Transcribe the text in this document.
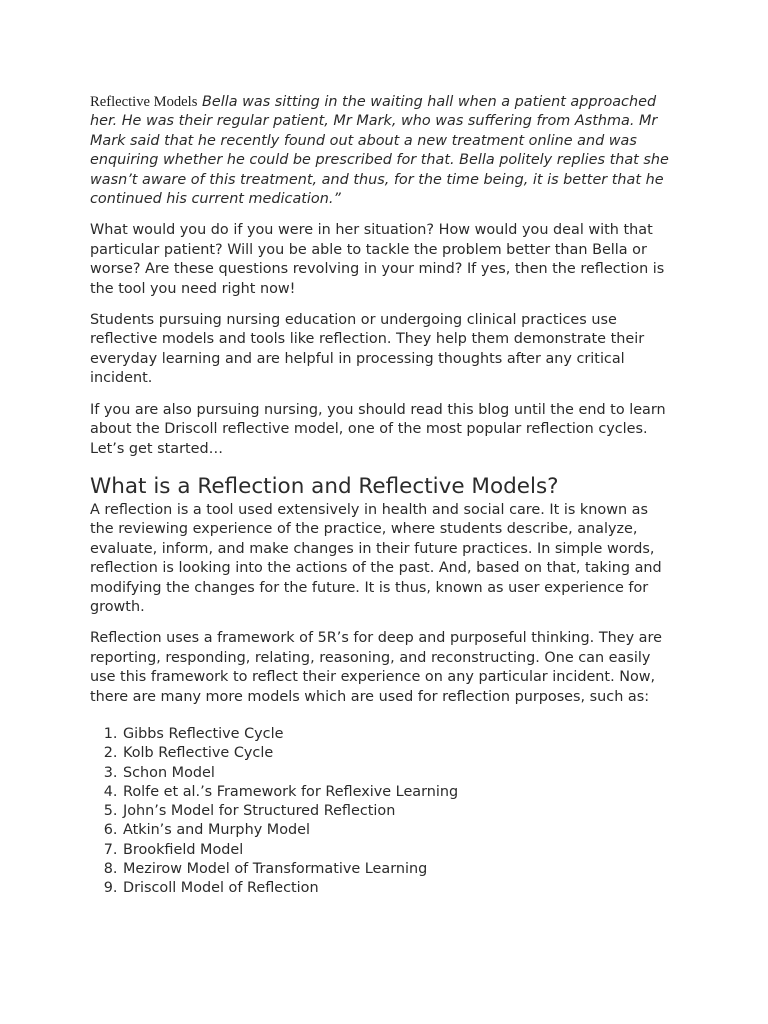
Reflective Models Bella was sitting in the waiting hall when a patient approached her. He was their regular patient, Mr Mark, who was suffering from Asthma. Mr Mark said that he recently found out about a new treatment online and was enquiring whether he could be prescribed for that. Bella politely replies that she wasn’t aware of this treatment, and thus, for the time being, it is better that he continued his current medication.”

What would you do if you were in her situation? How would you deal with that particular patient? Will you be able to tackle the problem better than Bella or worse? Are these questions revolving in your mind? If yes, then the reflection is the tool you need right now!

Students pursuing nursing education or undergoing clinical practices use reflective models and tools like reflection. They help them demonstrate their everyday learning and are helpful in processing thoughts after any critical incident.

If you are also pursuing nursing, you should read this blog until the end to learn about the Driscoll reflective model, one of the most popular reflection cycles. Let’s get started…

What is a Reflection and Reflective Models?

A reflection is a tool used extensively in health and social care. It is known as the reviewing experience of the practice, where students describe, analyze, evaluate, inform, and make changes in their future practices. In simple words, reflection is looking into the actions of the past. And, based on that, taking and modifying the changes for the future. It is thus, known as user experience for growth.

Reflection uses a framework of 5R’s for deep and purposeful thinking. They are reporting, responding, relating, reasoning, and reconstructing. One can easily use this framework to reflect their experience on any particular incident. Now, there are many more models which are used for reflection purposes, such as:

1. Gibbs Reflective Cycle
2. Kolb Reflective Cycle
3. Schon Model
4. Rolfe et al.’s Framework for Reflexive Learning
5. John’s Model for Structured Reflection
6. Atkin’s and Murphy Model
7. Brookfield Model
8. Mezirow Model of Transformative Learning
9. Driscoll Model of Reflection
